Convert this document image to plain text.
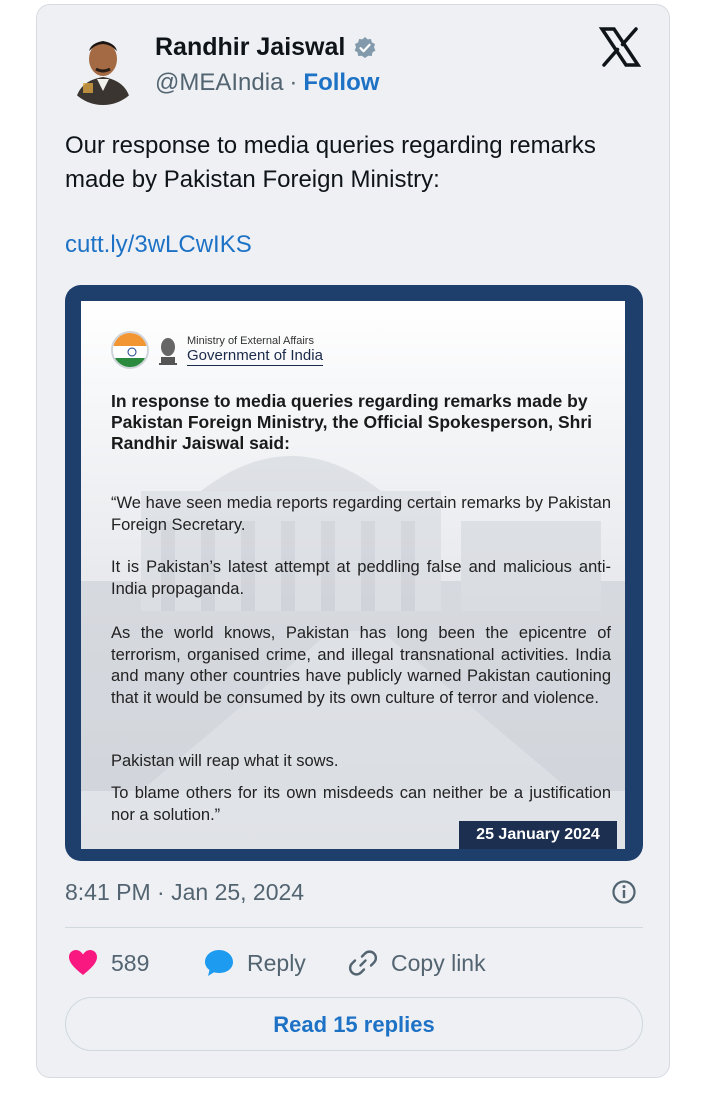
Randhir Jaiswal
@MEAIndia · Follow
Our response to media queries regarding remarks made by Pakistan Foreign Ministry:
cutt.ly/3wLCwIKS
Ministry of External Affairs
Government of India
In response to media queries regarding remarks made by Pakistan Foreign Ministry, the Official Spokesperson, Shri Randhir Jaiswal said:
“We have seen media reports regarding certain remarks by Pakistan Foreign Secretary.
It is Pakistan’s latest attempt at peddling false and malicious anti-India propaganda.
As the world knows, Pakistan has long been the epicentre of terrorism, organised crime, and illegal transnational activities. India and many other countries have publicly warned Pakistan cautioning that it would be consumed by its own culture of terror and violence.
Pakistan will reap what it sows.
To blame others for its own misdeeds can neither be a justification nor a solution.”
25 January 2024
8:41 PM · Jan 25, 2024
589	Reply	Copy link
Read 15 replies
